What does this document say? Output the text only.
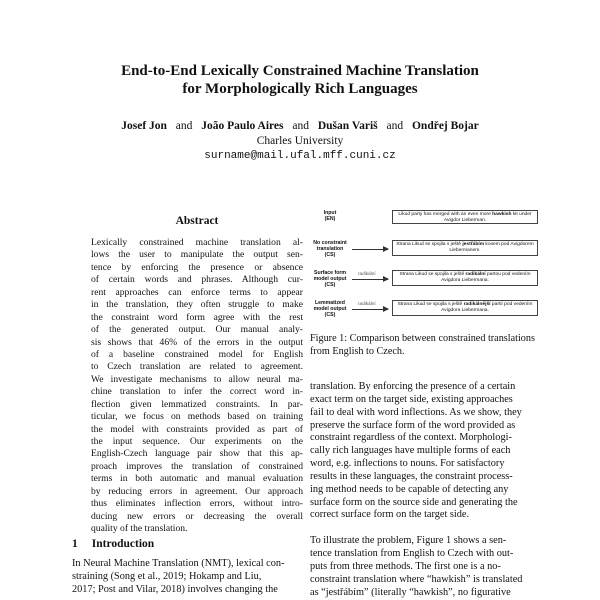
End-to-End Lexically Constrained Machine Translation
for Morphologically Rich Languages
Josef Jon and João Paulo Aires and Dušan Variš and Ondřej Bojar
Charles University
surname@mail.ufal.mff.cuni.cz
Abstract
Lexically constrained machine translation al-
lows the user to manipulate the output sen-
tence by enforcing the presence or absence
of certain words and phrases. Although cur-
rent approaches can enforce terms to appear
in the translation, they often struggle to make
the constraint word form agree with the rest
of the generated output. Our manual analy-
sis shows that 46% of the errors in the output
of a baseline constrained model for English
to Czech translation are related to agreement.
We investigate mechanisms to allow neural ma-
chine translation to infer the correct word in-
flection given lemmatized constraints. In par-
ticular, we focus on methods based on training
the model with constraints provided as part of
the input sequence. Our experiments on the
English-Czech language pair show that this ap-
proach improves the translation of constrained
terms in both automatic and manual evaluation
by reducing errors in agreement. Our approach
thus eliminates inflection errors, without intro-
ducing new errors or decreasing the overall
quality of the translation.
1 Introduction
In Neural Machine Translation (NMT), lexical con-
straining (Song et al., 2019; Hokamp and Liu,
2017; Post and Vilar, 2018) involves changing the
Input
(EN)
Likud party has merged with an even more hawkish kit under Avigdor Lieberman.
No constraint
translation
(CS)
Strana Likud se spojila s ještě jestřábím kosem pod Avigdorem Liebermanem.
Surface form
model output
(CS)
radikální	Strana Likud se spojila s ještě radikální partou pod vedením Avigdora Liebermana.
Lemmatized
model output
(CS)
radikální	Strana Likud se spojila s ještě radikálnější partií pod vedením Avigdora Liebermana.
Figure 1: Comparison between constrained translations
from English to Czech.
translation. By enforcing the presence of a certain
exact term on the target side, existing approaches
fail to deal with word inflections. As we show, they
preserve the surface form of the word provided as
constraint regardless of the context. Morphologi-
cally rich languages have multiple forms of each
word, e.g. inflections to nouns. For satisfactory
results in these languages, the constraint process-
ing method needs to be capable of detecting any
surface form on the source side and generating the
correct surface form on the target side.
To illustrate the problem, Figure 1 shows a sen-
tence translation from English to Czech with out-
puts from three methods. The first one is a no-
constraint translation where “hawkish” is translated
as “jestřábím” (literally “hawkish”, no figurative
